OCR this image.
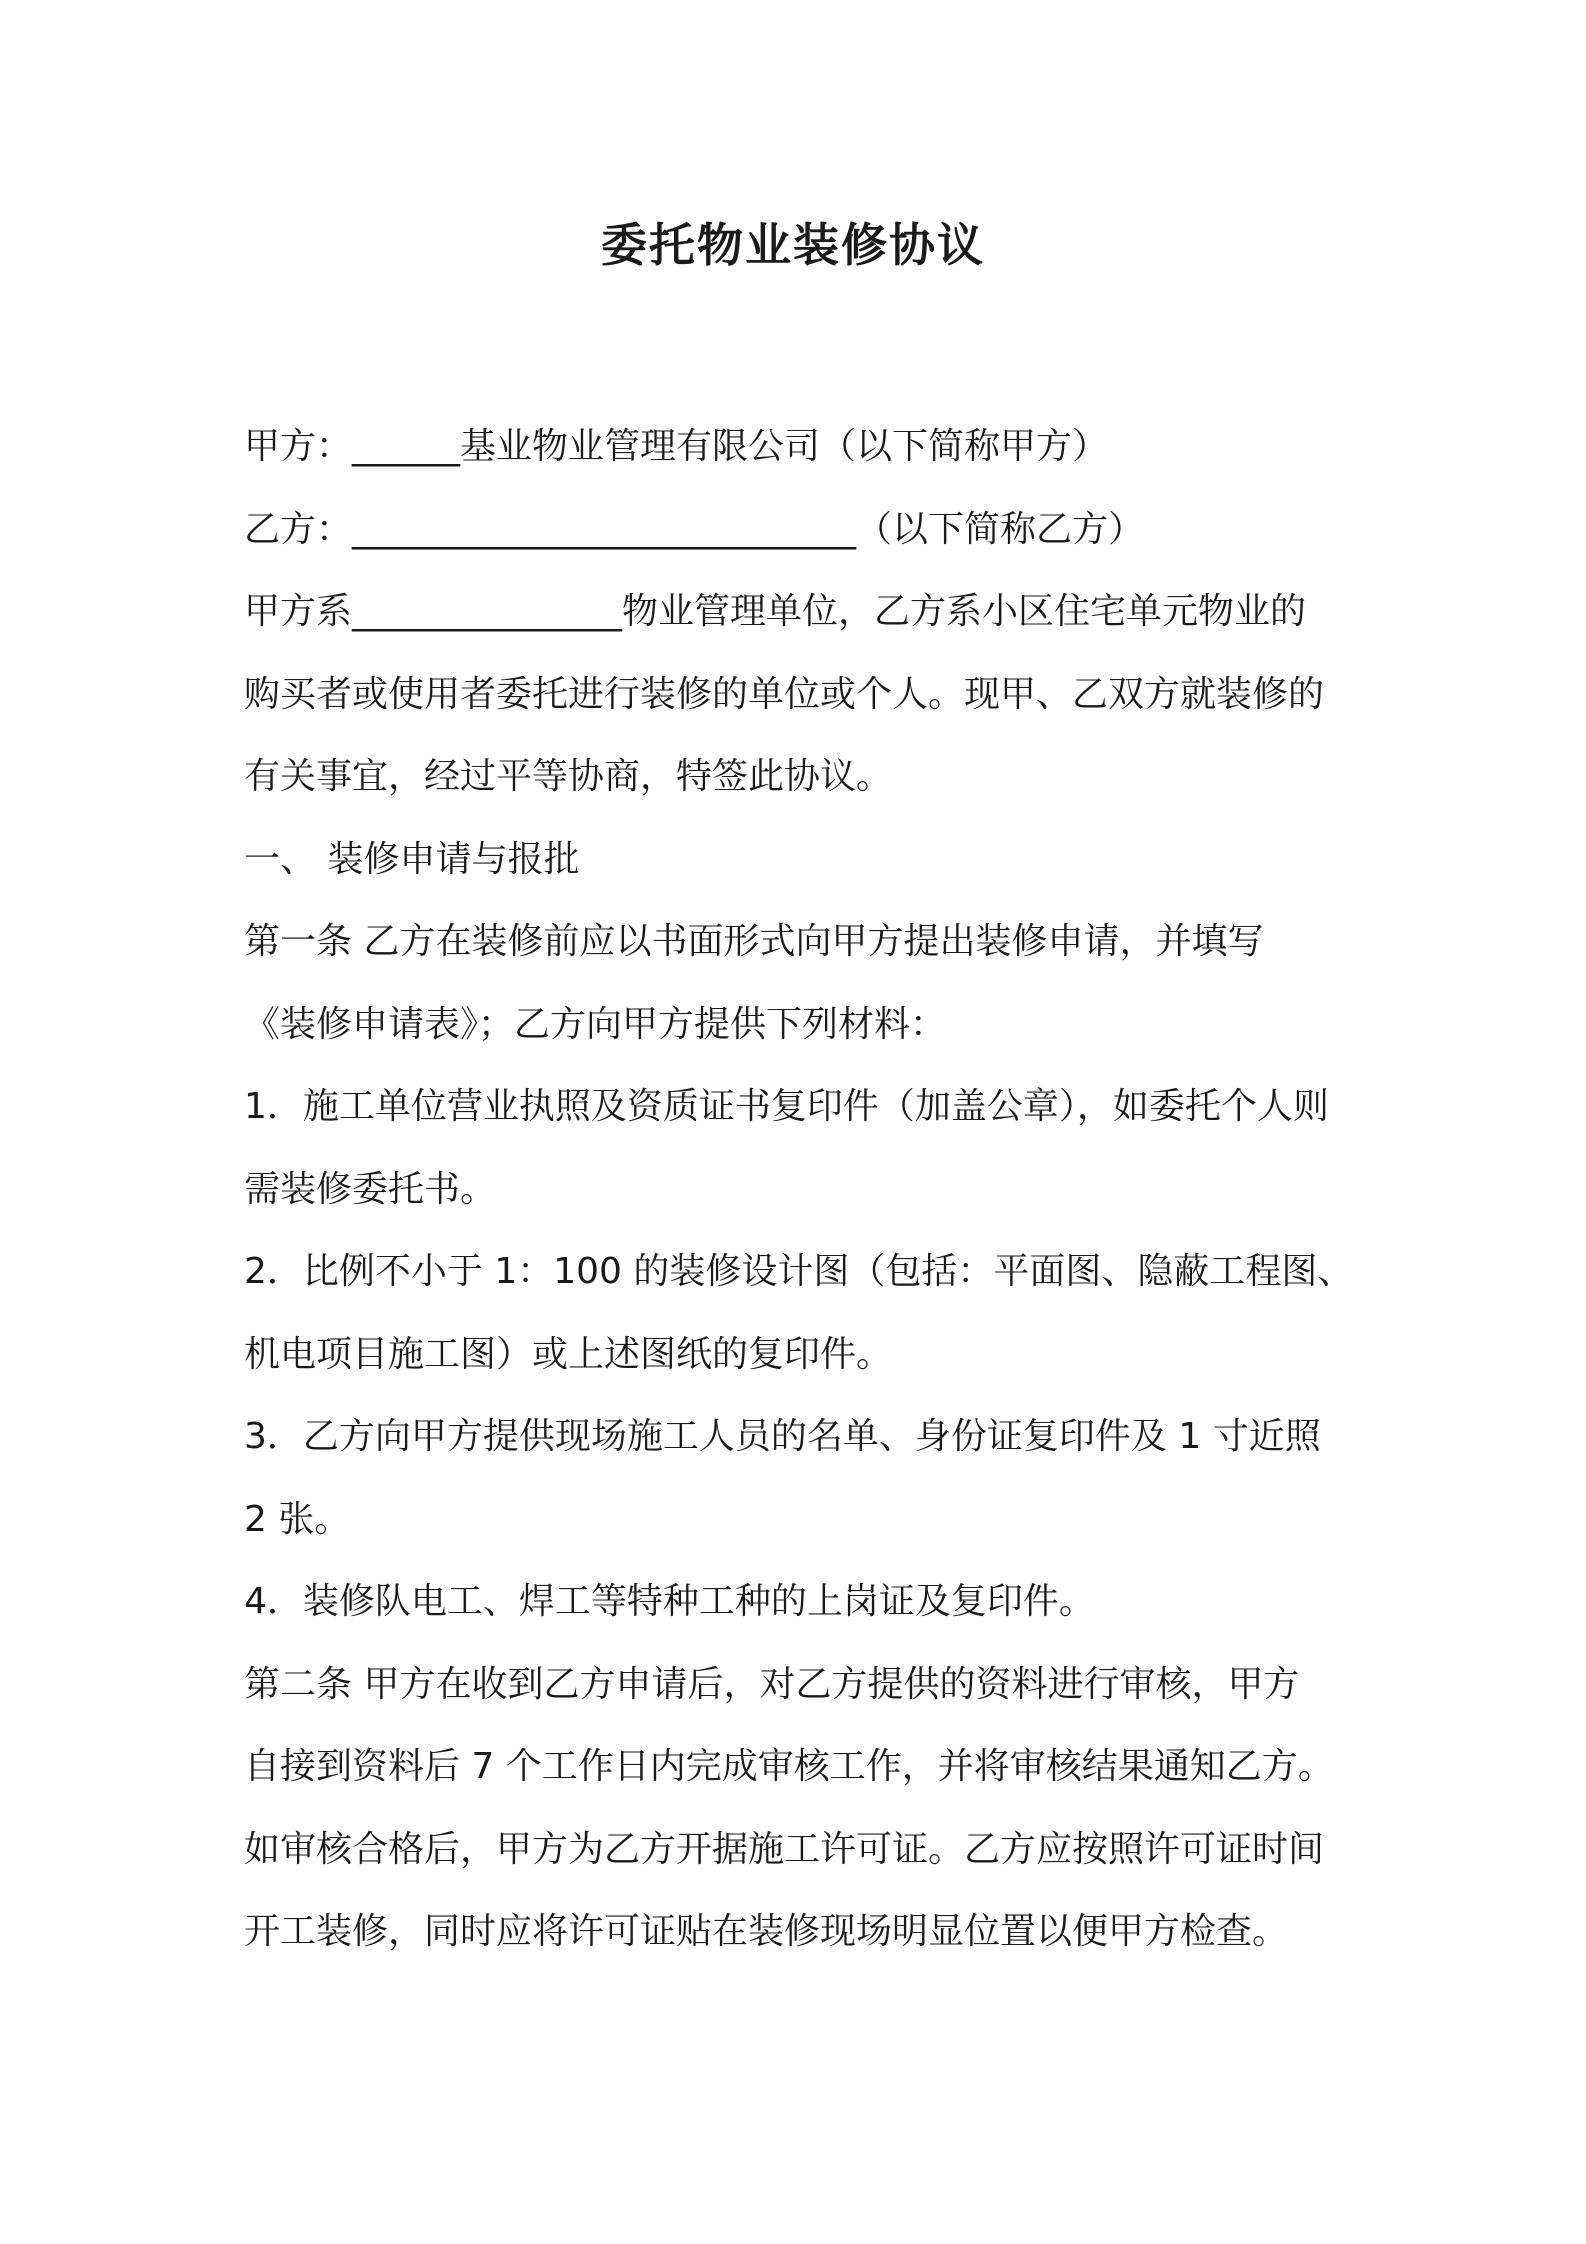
委托物业装修协议
甲方：______基业物业管理有限公司（以下简称甲方）
乙方：____________________________（以下简称乙方）
甲方系_______________物业管理单位，乙方系小区住宅单元物业的
购买者或使用者委托进行装修的单位或个人。现甲、乙双方就装修的
有关事宜，经过平等协商，特签此协议。
一、 装修申请与报批
第一条 乙方在装修前应以书面形式向甲方提出装修申请，并填写
《装修申请表》；乙方向甲方提供下列材料：
1．施工单位营业执照及资质证书复印件（加盖公章），如委托个人则
需装修委托书。
2．比例不小于 1：100 的装修设计图（包括：平面图、隐蔽工程图、
机电项目施工图）或上述图纸的复印件。
3．乙方向甲方提供现场施工人员的名单、身份证复印件及 1 寸近照
2 张。
4．装修队电工、焊工等特种工种的上岗证及复印件。
第二条 甲方在收到乙方申请后，对乙方提供的资料进行审核，甲方
自接到资料后 7 个工作日内完成审核工作，并将审核结果通知乙方。
如审核合格后，甲方为乙方开据施工许可证。乙方应按照许可证时间
开工装修，同时应将许可证贴在装修现场明显位置以便甲方检查。
